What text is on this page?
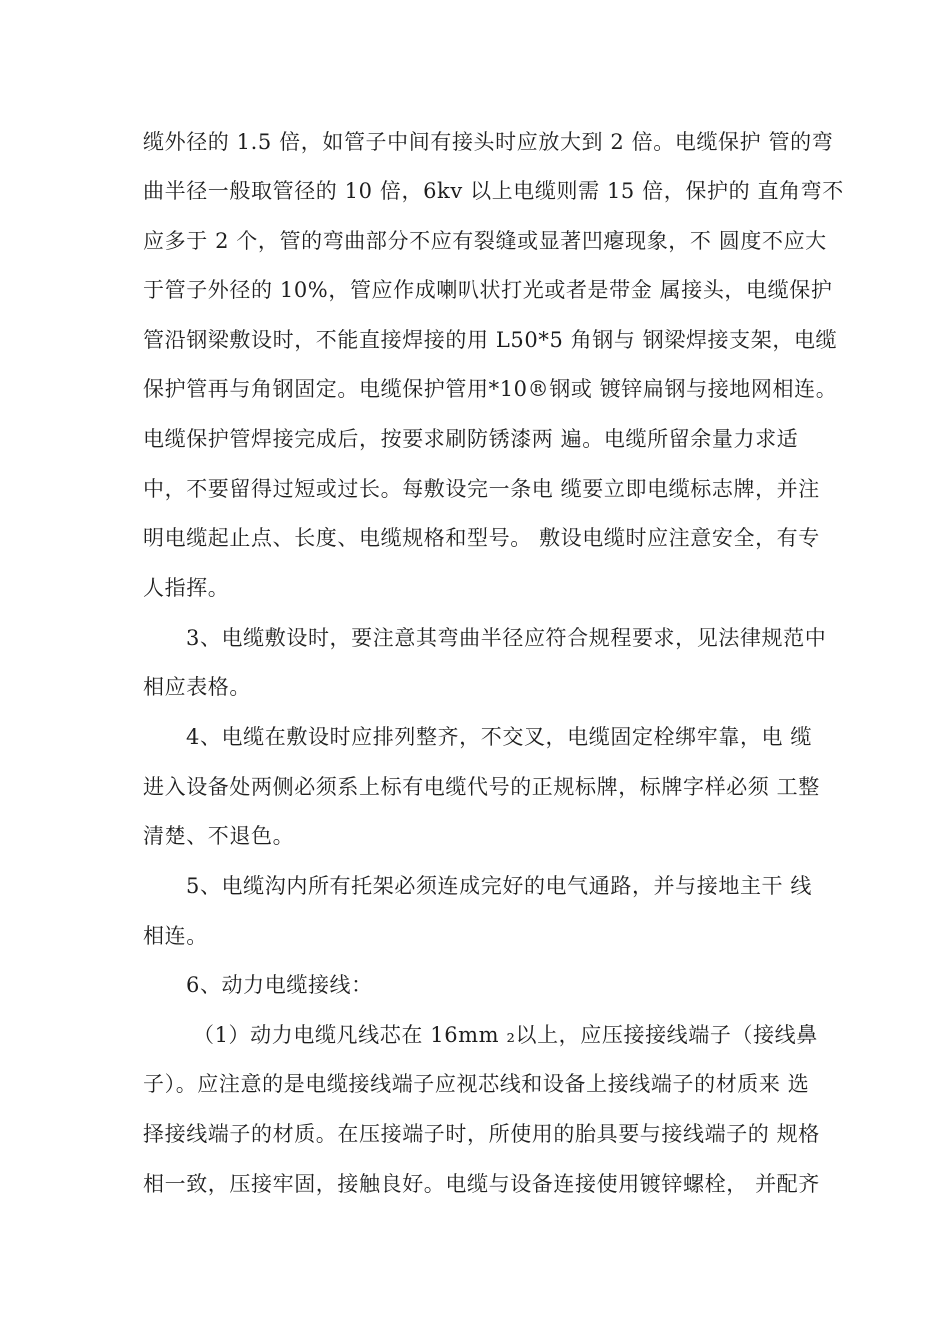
缆外径的 1.5 倍，如管子中间有接头时应放大到 2 倍。电缆保护 管的弯
曲半径一般取管径的 10 倍，6kv 以上电缆则需 15 倍，保护的 直角弯不
应多于 2 个，管的弯曲部分不应有裂缝或显著凹瘪现象，不 圆度不应大
于管子外径的 10%，管应作成喇叭状打光或者是带金 属接头，电缆保护
管沿钢梁敷设时，不能直接焊接的用 L50*5 角钢与 钢梁焊接支架，电缆
保护管再与角钢固定。电缆保护管用*10®钢或 镀锌扁钢与接地网相连。
电缆保护管焊接完成后，按要求刷防锈漆两 遍。电缆所留余量力求适
中，不要留得过短或过长。每敷设完一条电 缆要立即电缆标志牌，并注
明电缆起止点、长度、电缆规格和型号。 敷设电缆时应注意安全，有专
人指挥。
3、电缆敷设时，要注意其弯曲半径应符合规程要求，见法律规范中
相应表格。
4、电缆在敷设时应排列整齐，不交叉，电缆固定栓绑牢靠，电 缆
进入设备处两侧必须系上标有电缆代号的正规标牌，标牌字样必须 工整
清楚、不退色。
5、电缆沟内所有托架必须连成完好的电气通路，并与接地主干 线
相连。
6、动力电缆接线：
（1）动力电缆凡线芯在 16mm ₂以上，应压接接线端子（接线鼻
子）。应注意的是电缆接线端子应视芯线和设备上接线端子的材质来 选
择接线端子的材质。在压接端子时，所使用的胎具要与接线端子的 规格
相一致，压接牢固，接触良好。电缆与设备连接使用镀锌螺栓， 并配齐
